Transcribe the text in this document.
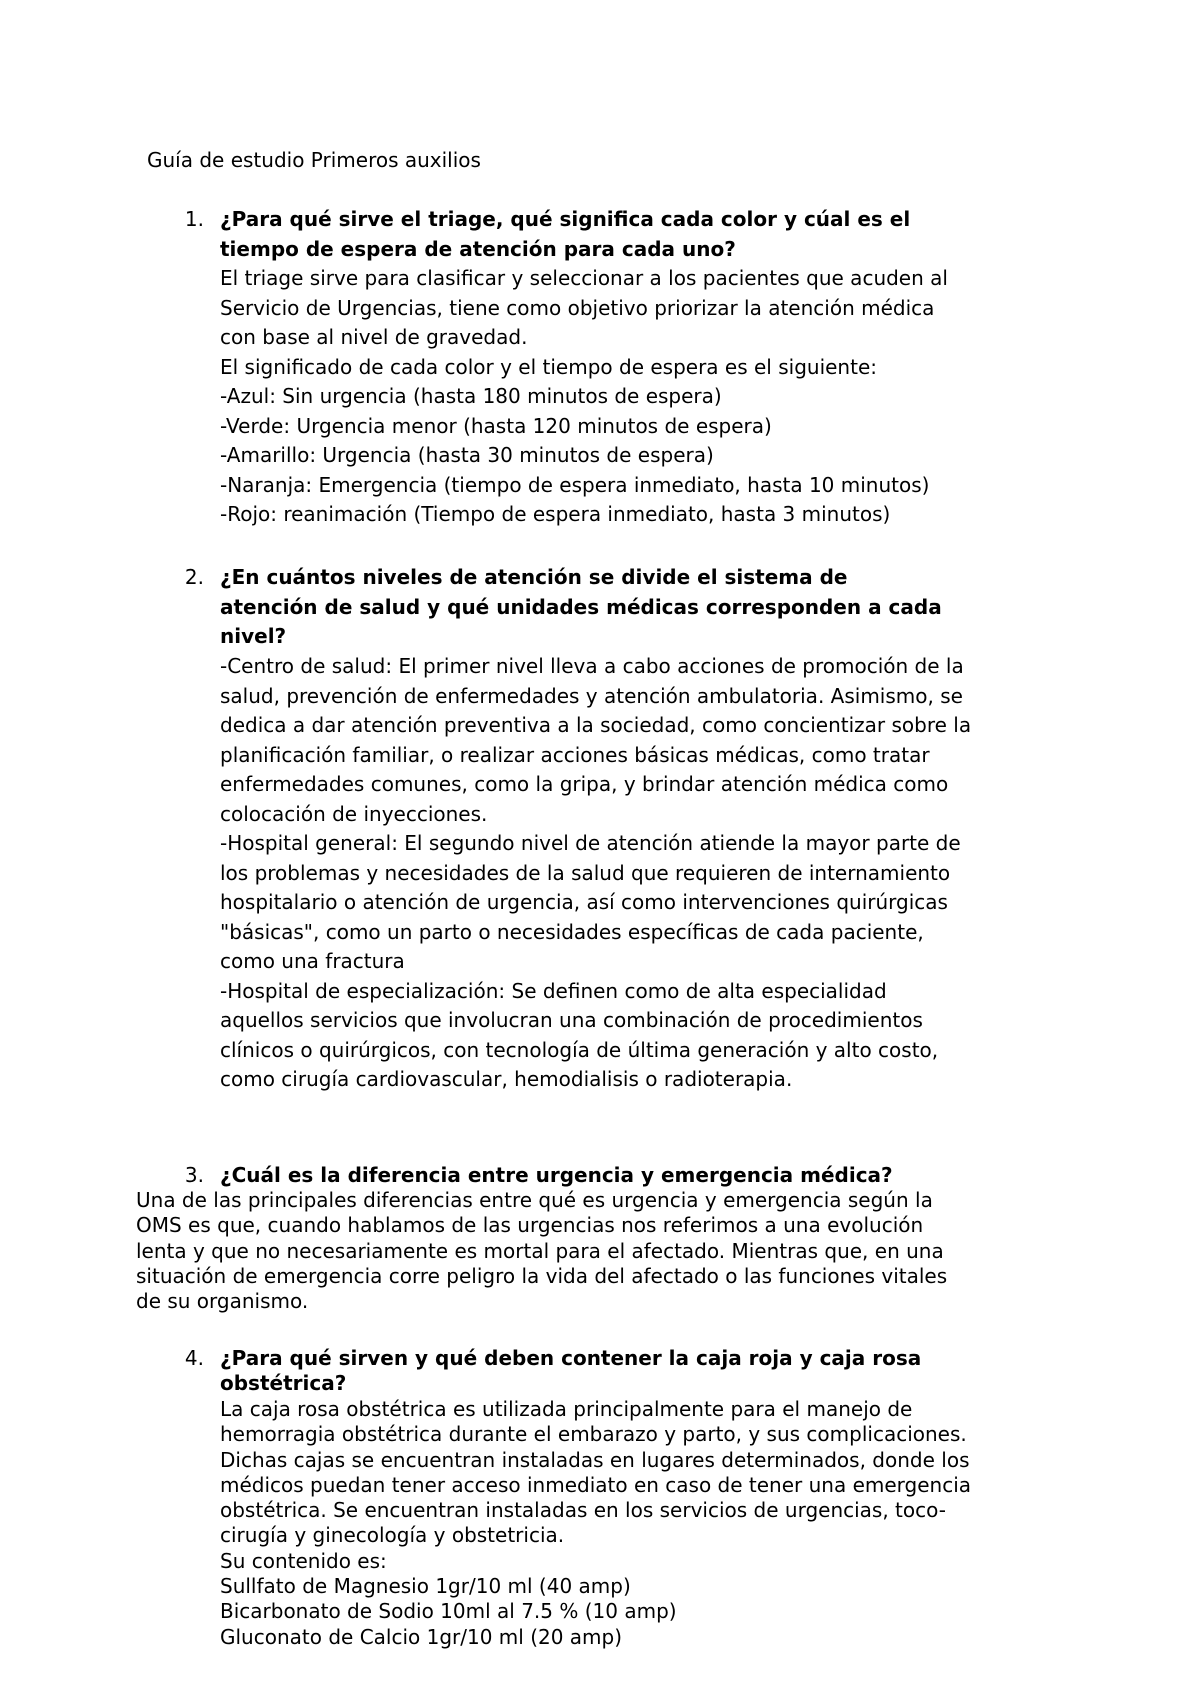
Guía de estudio Primeros auxilios
1. ¿Para qué sirve el triage, qué significa cada color y cúal es el
tiempo de espera de atención para cada uno?
El triage sirve para clasificar y seleccionar a los pacientes que acuden al
Servicio de Urgencias, tiene como objetivo priorizar la atención médica
con base al nivel de gravedad.
El significado de cada color y el tiempo de espera es el siguiente:
-Azul: Sin urgencia (hasta 180 minutos de espera)
-Verde: Urgencia menor (hasta 120 minutos de espera)
-Amarillo: Urgencia (hasta 30 minutos de espera)
-Naranja: Emergencia (tiempo de espera inmediato, hasta 10 minutos)
-Rojo: reanimación (Tiempo de espera inmediato, hasta 3 minutos)
2. ¿En cuántos niveles de atención se divide el sistema de
atención de salud y qué unidades médicas corresponden a cada
nivel?
-Centro de salud: El primer nivel lleva a cabo acciones de promoción de la
salud, prevención de enfermedades y atención ambulatoria. Asimismo, se
dedica a dar atención preventiva a la sociedad, como concientizar sobre la
planificación familiar, o realizar acciones básicas médicas, como tratar
enfermedades comunes, como la gripa, y brindar atención médica como
colocación de inyecciones.
-Hospital general: El segundo nivel de atención atiende la mayor parte de
los problemas y necesidades de la salud que requieren de internamiento
hospitalario o atención de urgencia, así como intervenciones quirúrgicas
"básicas", como un parto o necesidades específicas de cada paciente,
como una fractura
-Hospital de especialización: Se definen como de alta especialidad
aquellos servicios que involucran una combinación de procedimientos
clínicos o quirúrgicos, con tecnología de última generación y alto costo,
como cirugía cardiovascular, hemodialisis o radioterapia.
3. ¿Cuál es la diferencia entre urgencia y emergencia médica?
Una de las principales diferencias entre qué es urgencia y emergencia según la
OMS es que, cuando hablamos de las urgencias nos referimos a una evolución
lenta y que no necesariamente es mortal para el afectado. Mientras que, en una
situación de emergencia corre peligro la vida del afectado o las funciones vitales
de su organismo.
4. ¿Para qué sirven y qué deben contener la caja roja y caja rosa
obstétrica?
La caja rosa obstétrica es utilizada principalmente para el manejo de
hemorragia obstétrica durante el embarazo y parto, y sus complicaciones.
Dichas cajas se encuentran instaladas en lugares determinados, donde los
médicos puedan tener acceso inmediato en caso de tener una emergencia
obstétrica. Se encuentran instaladas en los servicios de urgencias, toco-
cirugía y ginecología y obstetricia.
Su contenido es:
Sullfato de Magnesio 1gr/10 ml (40 amp)
Bicarbonato de Sodio 10ml al 7.5 % (10 amp)
Gluconato de Calcio 1gr/10 ml (20 amp)
